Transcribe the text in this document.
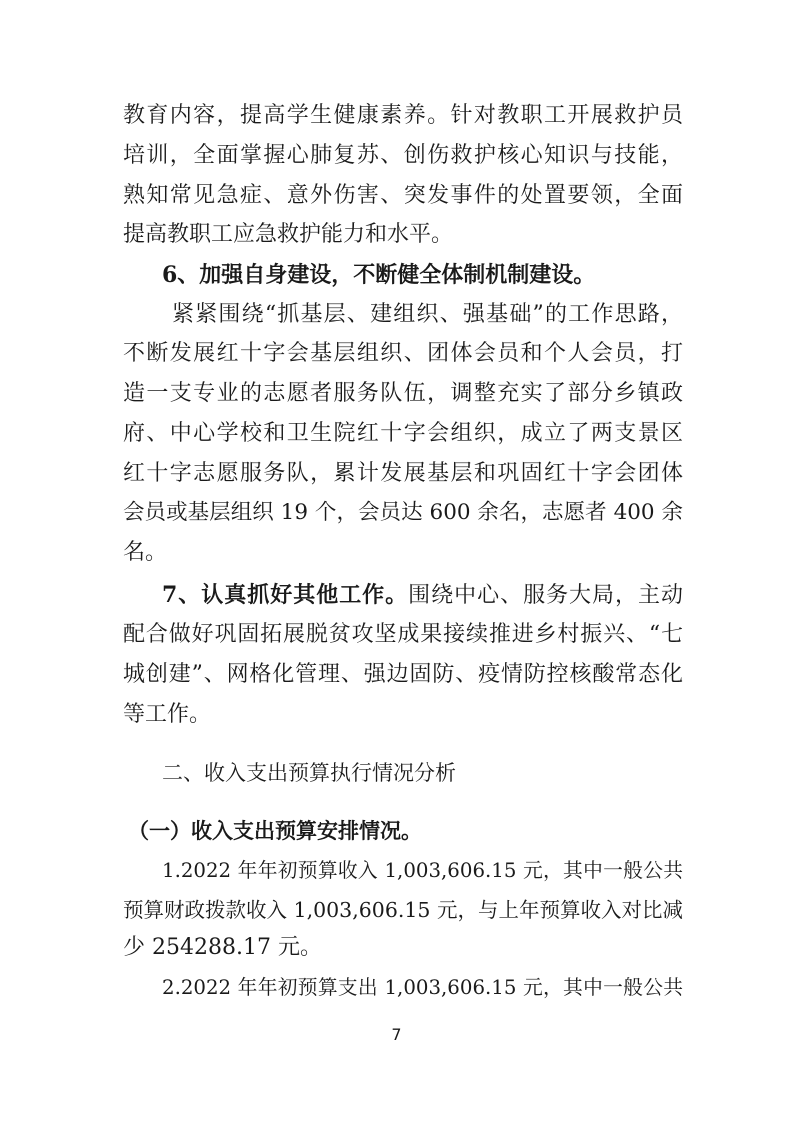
教育内容，提高学生健康素养。针对教职工开展救护员
培训，全面掌握心肺复苏、创伤救护核心知识与技能，
熟知常见急症、意外伤害、突发事件的处置要领，全面
提高教职工应急救护能力和水平。
6、加强自身建设，不断健全体制机制建设。
紧紧围绕“抓基层、建组织、强基础”的工作思路，
不断发展红十字会基层组织、团体会员和个人会员，打
造一支专业的志愿者服务队伍，调整充实了部分乡镇政
府、中心学校和卫生院红十字会组织，成立了两支景区
红十字志愿服务队，累计发展基层和巩固红十字会团体
会员或基层组织 19 个，会员达 600 余名，志愿者 400 余
名。
7、认真抓好其他工作。围绕中心、服务大局，主动
配合做好巩固拓展脱贫攻坚成果接续推进乡村振兴、“七
城创建”、网格化管理、强边固防、疫情防控核酸常态化
等工作。
二、收入支出预算执行情况分析
（一）收入支出预算安排情况。
1.2022 年年初预算收入 1,003,606.15 元，其中一般公共
预算财政拨款收入 1,003,606.15 元，与上年预算收入对比减
少 254288.17 元。
2.2022 年年初预算支出 1,003,606.15 元，其中一般公共
7
